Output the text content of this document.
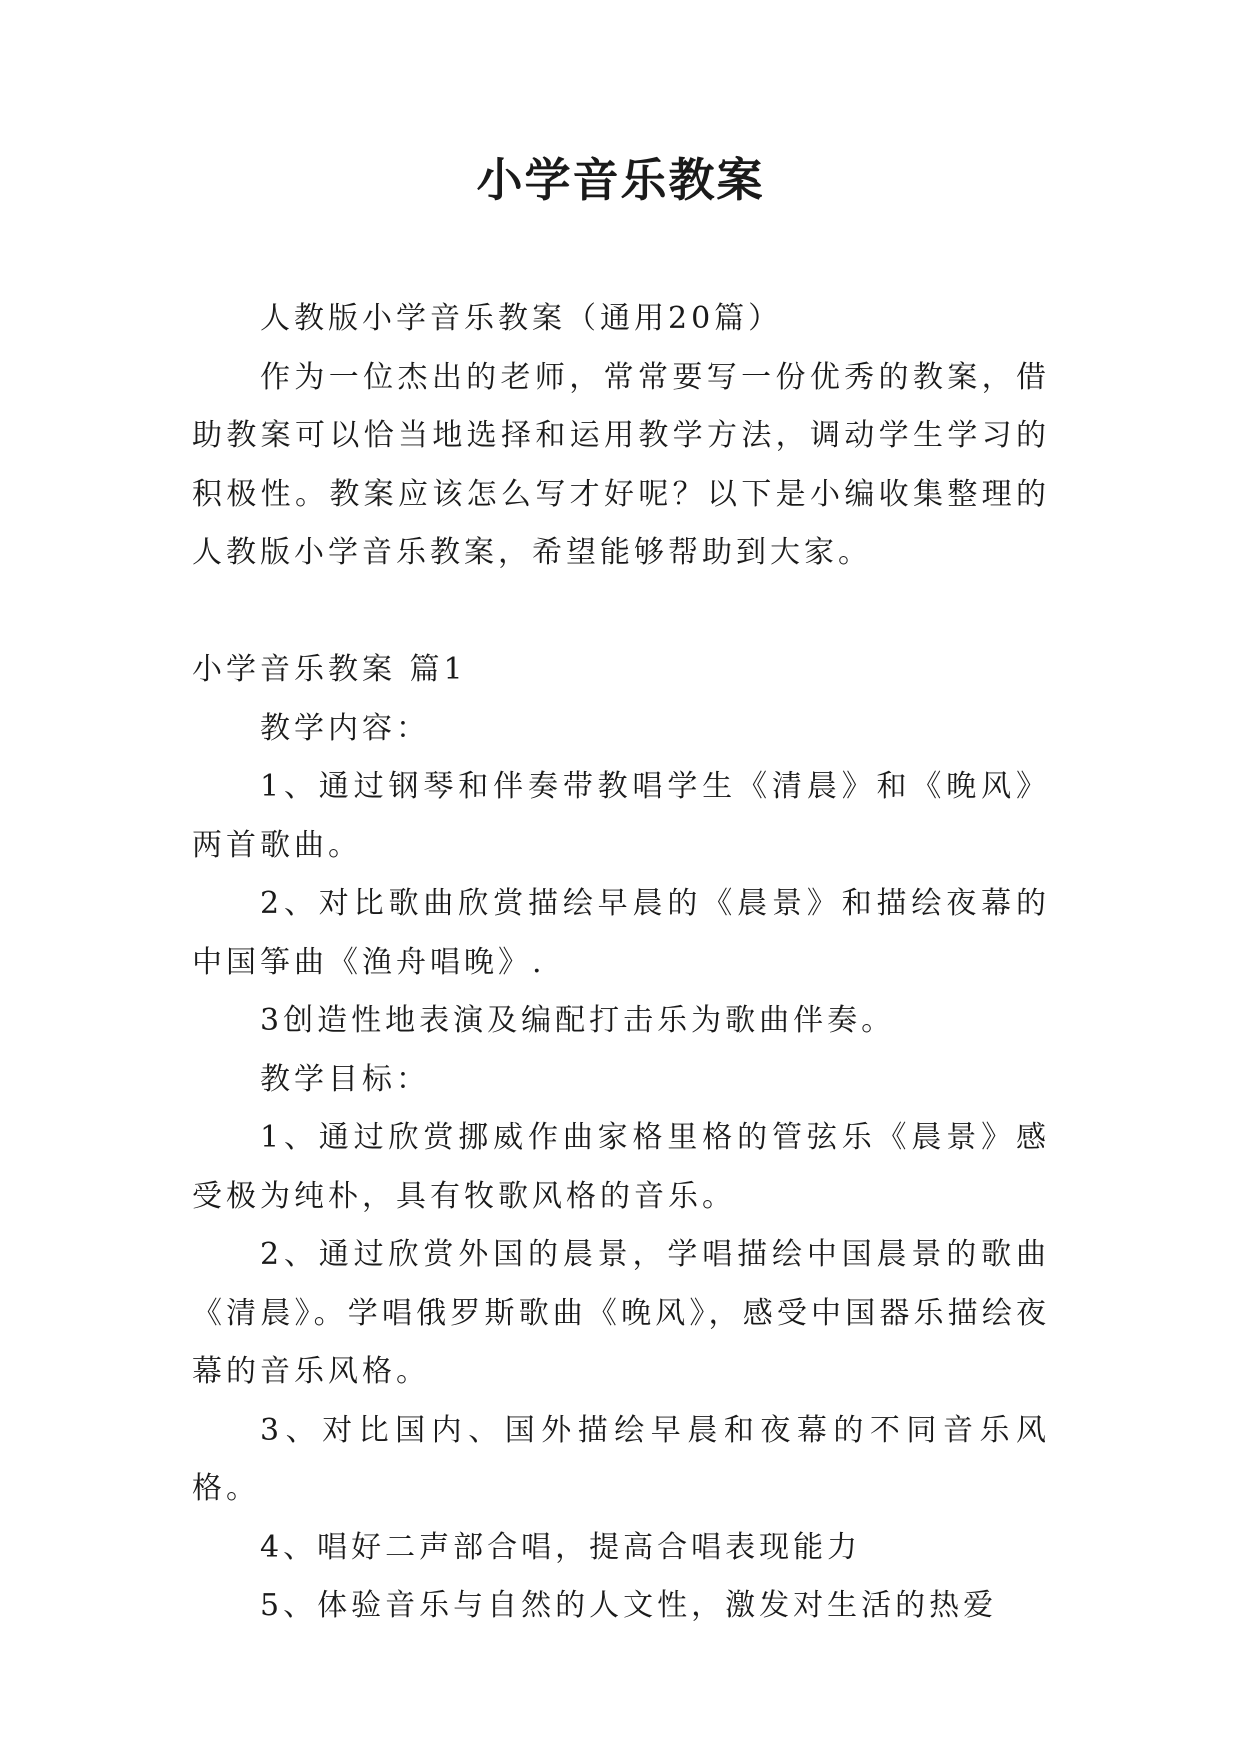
小学音乐教案

人教版小学音乐教案（通用20篇）

作为一位杰出的老师，常常要写一份优秀的教案，借助教案可以恰当地选择和运用教学方法，调动学生学习的积极性。教案应该怎么写才好呢？以下是小编收集整理的人教版小学音乐教案，希望能够帮助到大家。

小学音乐教案 篇1

教学内容：

1、通过钢琴和伴奏带教唱学生《清晨》和《晚风》两首歌曲。

2、对比歌曲欣赏描绘早晨的《晨景》和描绘夜幕的中国筝曲《渔舟唱晚》.

3创造性地表演及编配打击乐为歌曲伴奏。

教学目标：

1、通过欣赏挪威作曲家格里格的管弦乐《晨景》感受极为纯朴，具有牧歌风格的音乐。

2、通过欣赏外国的晨景，学唱描绘中国晨景的歌曲《清晨》。学唱俄罗斯歌曲《晚风》，感受中国器乐描绘夜幕的音乐风格。

3、对比国内、国外描绘早晨和夜幕的不同音乐风格。

4、唱好二声部合唱，提高合唱表现能力

5、体验音乐与自然的人文性，激发对生活的热爱
